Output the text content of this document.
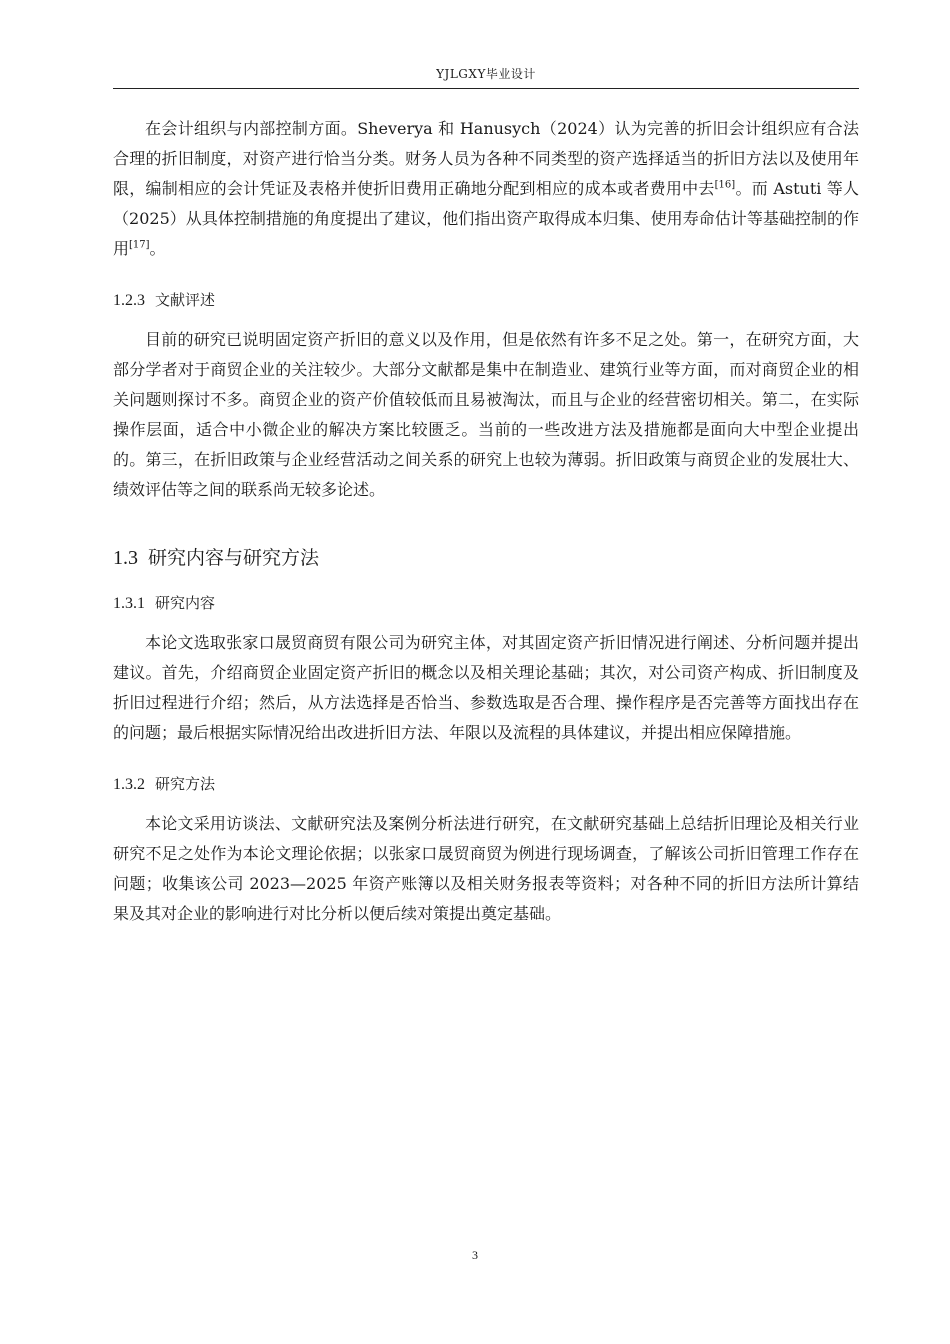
YJLGXY毕业设计

在会计组织与内部控制方面。Sheverya 和 Hanusych（2024）认为完善的折旧会计组织应有合法合理的折旧制度，对资产进行恰当分类。财务人员为各种不同类型的资产选择适当的折旧方法以及使用年限，编制相应的会计凭证及表格并使折旧费用正确地分配到相应的成本或者费用中去[16]。而 Astuti 等人（2025）从具体控制措施的角度提出了建议，他们指出资产取得成本归集、使用寿命估计等基础控制的作用[17]。

1.2.3 文献评述

目前的研究已说明固定资产折旧的意义以及作用，但是依然有许多不足之处。第一，在研究方面，大部分学者对于商贸企业的关注较少。大部分文献都是集中在制造业、建筑行业等方面，而对商贸企业的相关问题则探讨不多。商贸企业的资产价值较低而且易被淘汰，而且与企业的经营密切相关。第二，在实际操作层面，适合中小微企业的解决方案比较匮乏。当前的一些改进方法及措施都是面向大中型企业提出的。第三，在折旧政策与企业经营活动之间关系的研究上也较为薄弱。折旧政策与商贸企业的发展壮大、绩效评估等之间的联系尚无较多论述。

1.3 研究内容与研究方法
1.3.1 研究内容

本论文选取张家口晟贸商贸有限公司为研究主体，对其固定资产折旧情况进行阐述、分析问题并提出建议。首先，介绍商贸企业固定资产折旧的概念以及相关理论基础；其次，对公司资产构成、折旧制度及折旧过程进行介绍；然后，从方法选择是否恰当、参数选取是否合理、操作程序是否完善等方面找出存在的问题；最后根据实际情况给出改进折旧方法、年限以及流程的具体建议，并提出相应保障措施。

1.3.2 研究方法

本论文采用访谈法、文献研究法及案例分析法进行研究，在文献研究基础上总结折旧理论及相关行业研究不足之处作为本论文理论依据；以张家口晟贸商贸为例进行现场调查，了解该公司折旧管理工作存在问题；收集该公司 2023—2025 年资产账簿以及相关财务报表等资料；对各种不同的折旧方法所计算结果及其对企业的影响进行对比分析以便后续对策提出奠定基础。

3
